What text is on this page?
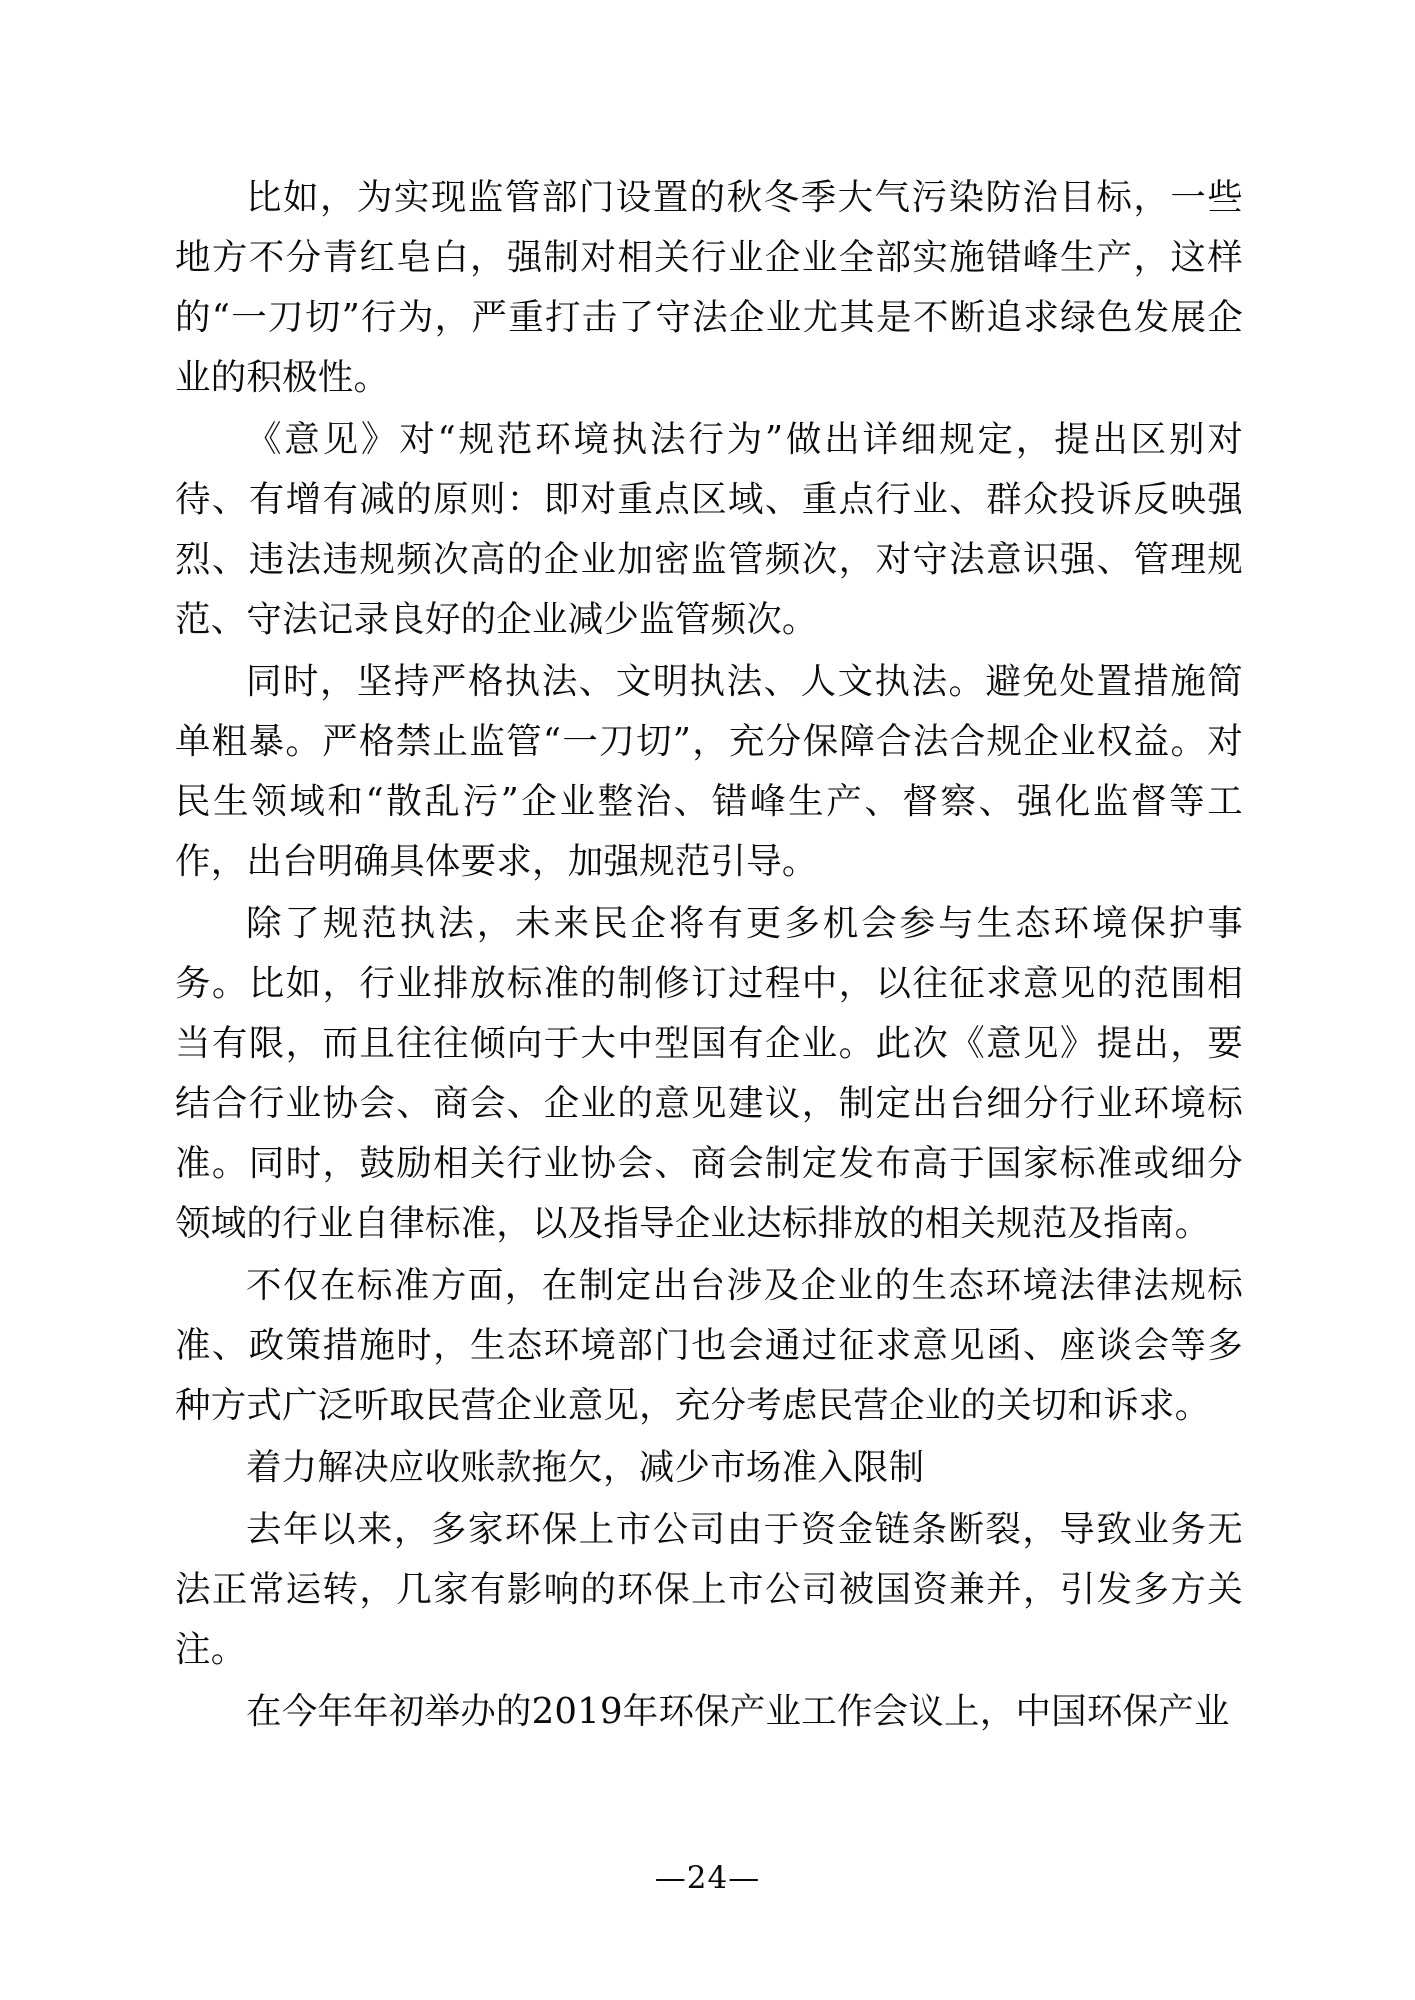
比如，为实现监管部门设置的秋冬季大气污染防治目标，一些地方不分青红皂白，强制对相关行业企业全部实施错峰生产，这样的“一刀切”行为，严重打击了守法企业尤其是不断追求绿色发展企业的积极性。

《意见》对“规范环境执法行为”做出详细规定，提出区别对待、有增有减的原则：即对重点区域、重点行业、群众投诉反映强烈、违法违规频次高的企业加密监管频次，对守法意识强、管理规范、守法记录良好的企业减少监管频次。

同时，坚持严格执法、文明执法、人文执法。避免处置措施简单粗暴。严格禁止监管“一刀切”，充分保障合法合规企业权益。对民生领域和“散乱污”企业整治、错峰生产、督察、强化监督等工作，出台明确具体要求，加强规范引导。

除了规范执法，未来民企将有更多机会参与生态环境保护事务。比如，行业排放标准的制修订过程中，以往征求意见的范围相当有限，而且往往倾向于大中型国有企业。此次《意见》提出，要结合行业协会、商会、企业的意见建议，制定出台细分行业环境标准。同时，鼓励相关行业协会、商会制定发布高于国家标准或细分领域的行业自律标准，以及指导企业达标排放的相关规范及指南。

不仅在标准方面，在制定出台涉及企业的生态环境法律法规标准、政策措施时，生态环境部门也会通过征求意见函、座谈会等多种方式广泛听取民营企业意见，充分考虑民营企业的关切和诉求。

着力解决应收账款拖欠，减少市场准入限制

去年以来，多家环保上市公司由于资金链条断裂，导致业务无法正常运转，几家有影响的环保上市公司被国资兼并，引发多方关注。

在今年年初举办的2019年环保产业工作会议上，中国环保产业

—24—
